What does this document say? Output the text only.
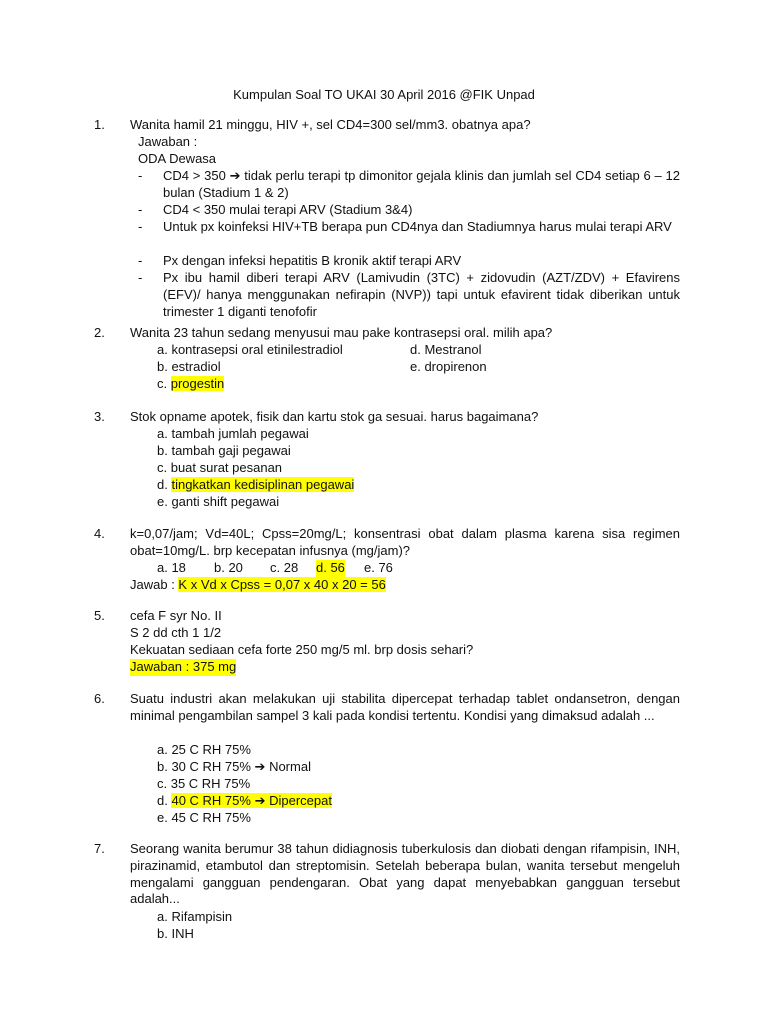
Kumpulan Soal TO UKAI 30 April 2016 @FIK Unpad
1. Wanita hamil 21 minggu, HIV +, sel CD4=300 sel/mm3. obatnya apa?
Jawaban :
ODA Dewasa
- CD4 > 350 ➔ tidak perlu terapi tp dimonitor gejala klinis dan jumlah sel CD4 setiap 6 – 12 bulan (Stadium 1 & 2)
- CD4 < 350 mulai terapi ARV (Stadium 3&4)
- Untuk px koinfeksi HIV+TB berapa pun CD4nya dan Stadiumnya harus mulai terapi ARV
- Px dengan infeksi hepatitis B kronik aktif terapi ARV
- Px ibu hamil diberi terapi ARV (Lamivudin (3TC) + zidovudin (AZT/ZDV) + Efavirens (EFV)/ hanya menggunakan nefirapin (NVP)) tapi untuk efavirent tidak diberikan untuk trimester 1 diganti tenofofir
2. Wanita 23 tahun sedang menyusui mau pake kontrasepsi oral. milih apa?
a. kontrasepsi oral etinilestradiol	d. Mestranol
b. estradiol	e. dropirenon
c. progestin
3. Stok opname apotek, fisik dan kartu stok ga sesuai. harus bagaimana?
a. tambah jumlah pegawai
b. tambah gaji pegawai
c. buat surat pesanan
d. tingkatkan kedisiplinan pegawai
e. ganti shift pegawai
4. k=0,07/jam; Vd=40L; Cpss=20mg/L; konsentrasi obat dalam plasma karena sisa regimen obat=10mg/L. brp kecepatan infusnya (mg/jam)?
a. 18 b. 20 c. 28 d. 56 e. 76
Jawab : K x Vd x Cpss = 0,07 x 40 x 20 = 56
5. cefa F syr No. II
S 2 dd cth 1 1/2
Kekuatan sediaan cefa forte 250 mg/5 ml. brp dosis sehari?
Jawaban : 375 mg
6. Suatu industri akan melakukan uji stabilita dipercepat terhadap tablet ondansetron, dengan minimal pengambilan sampel 3 kali pada kondisi tertentu. Kondisi yang dimaksud adalah ...
a. 25 C RH 75%
b. 30 C RH 75% ➔ Normal
c. 35 C RH 75%
d. 40 C RH 75% ➔ Dipercepat
e. 45 C RH 75%
7. Seorang wanita berumur 38 tahun didiagnosis tuberkulosis dan diobati dengan rifampisin, INH, pirazinamid, etambutol dan streptomisin. Setelah beberapa bulan, wanita tersebut mengeluh mengalami gangguan pendengaran. Obat yang dapat menyebabkan gangguan tersebut adalah...
a. Rifampisin
b. INH
